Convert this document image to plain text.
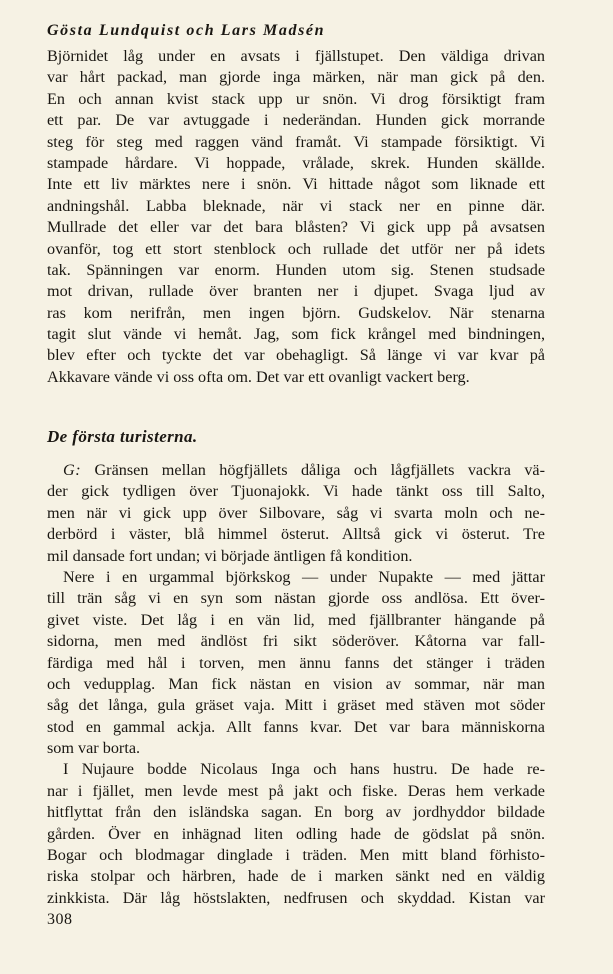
Gösta Lundquist och Lars Madsén
Björnidet låg under en avsats i fjällstupet. Den väldiga drivan
var hårt packad, man gjorde inga märken, när man gick på den.
En och annan kvist stack upp ur snön. Vi drog försiktigt fram
ett par. De var avtuggade i nederändan. Hunden gick morrande
steg för steg med raggen vänd framåt. Vi stampade försiktigt. Vi
stampade hårdare. Vi hoppade, vrålade, skrek. Hunden skällde.
Inte ett liv märktes nere i snön. Vi hittade något som liknade ett
andningshål. Labba bleknade, när vi stack ner en pinne där.
Mullrade det eller var det bara blåsten? Vi gick upp på avsatsen
ovanför, tog ett stort stenblock och rullade det utför ner på idets
tak. Spänningen var enorm. Hunden utom sig. Stenen studsade
mot drivan, rullade över branten ner i djupet. Svaga ljud av
ras kom nerifrån, men ingen björn. Gudskelov. När stenarna
tagit slut vände vi hemåt. Jag, som fick krångel med bindningen,
blev efter och tyckte det var obehagligt. Så länge vi var kvar på
Akkavare vände vi oss ofta om. Det var ett ovanligt vackert berg.
De första turisterna.
G: Gränsen mellan högfjällets dåliga och lågfjällets vackra vä-
der gick tydligen över Tjuonajokk. Vi hade tänkt oss till Salto,
men när vi gick upp över Silbovare, såg vi svarta moln och ne-
derbörd i väster, blå himmel österut. Alltså gick vi österut. Tre
mil dansade fort undan; vi började äntligen få kondition.
Nere i en urgammal björkskog — under Nupakte — med jättar
till trän såg vi en syn som nästan gjorde oss andlösa. Ett över-
givet viste. Det låg i en vän lid, med fjällbranter hängande på
sidorna, men med ändlöst fri sikt söderöver. Kåtorna var fall-
färdiga med hål i torven, men ännu fanns det stänger i träden
och vedupplag. Man fick nästan en vision av sommar, när man
såg det långa, gula gräset vaja. Mitt i gräset med stäven mot söder
stod en gammal ackja. Allt fanns kvar. Det var bara människorna
som var borta.
I Nujaure bodde Nicolaus Inga och hans hustru. De hade re-
nar i fjället, men levde mest på jakt och fiske. Deras hem verkade
hitflyttat från den isländska sagan. En borg av jordhyddor bildade
gården. Över en inhägnad liten odling hade de gödslat på snön.
Bogar och blodmagar dinglade i träden. Men mitt bland förhisto-
riska stolpar och härbren, hade de i marken sänkt ned en väldig
zinkkista. Där låg höstslakten, nedfrusen och skyddad. Kistan var
308
